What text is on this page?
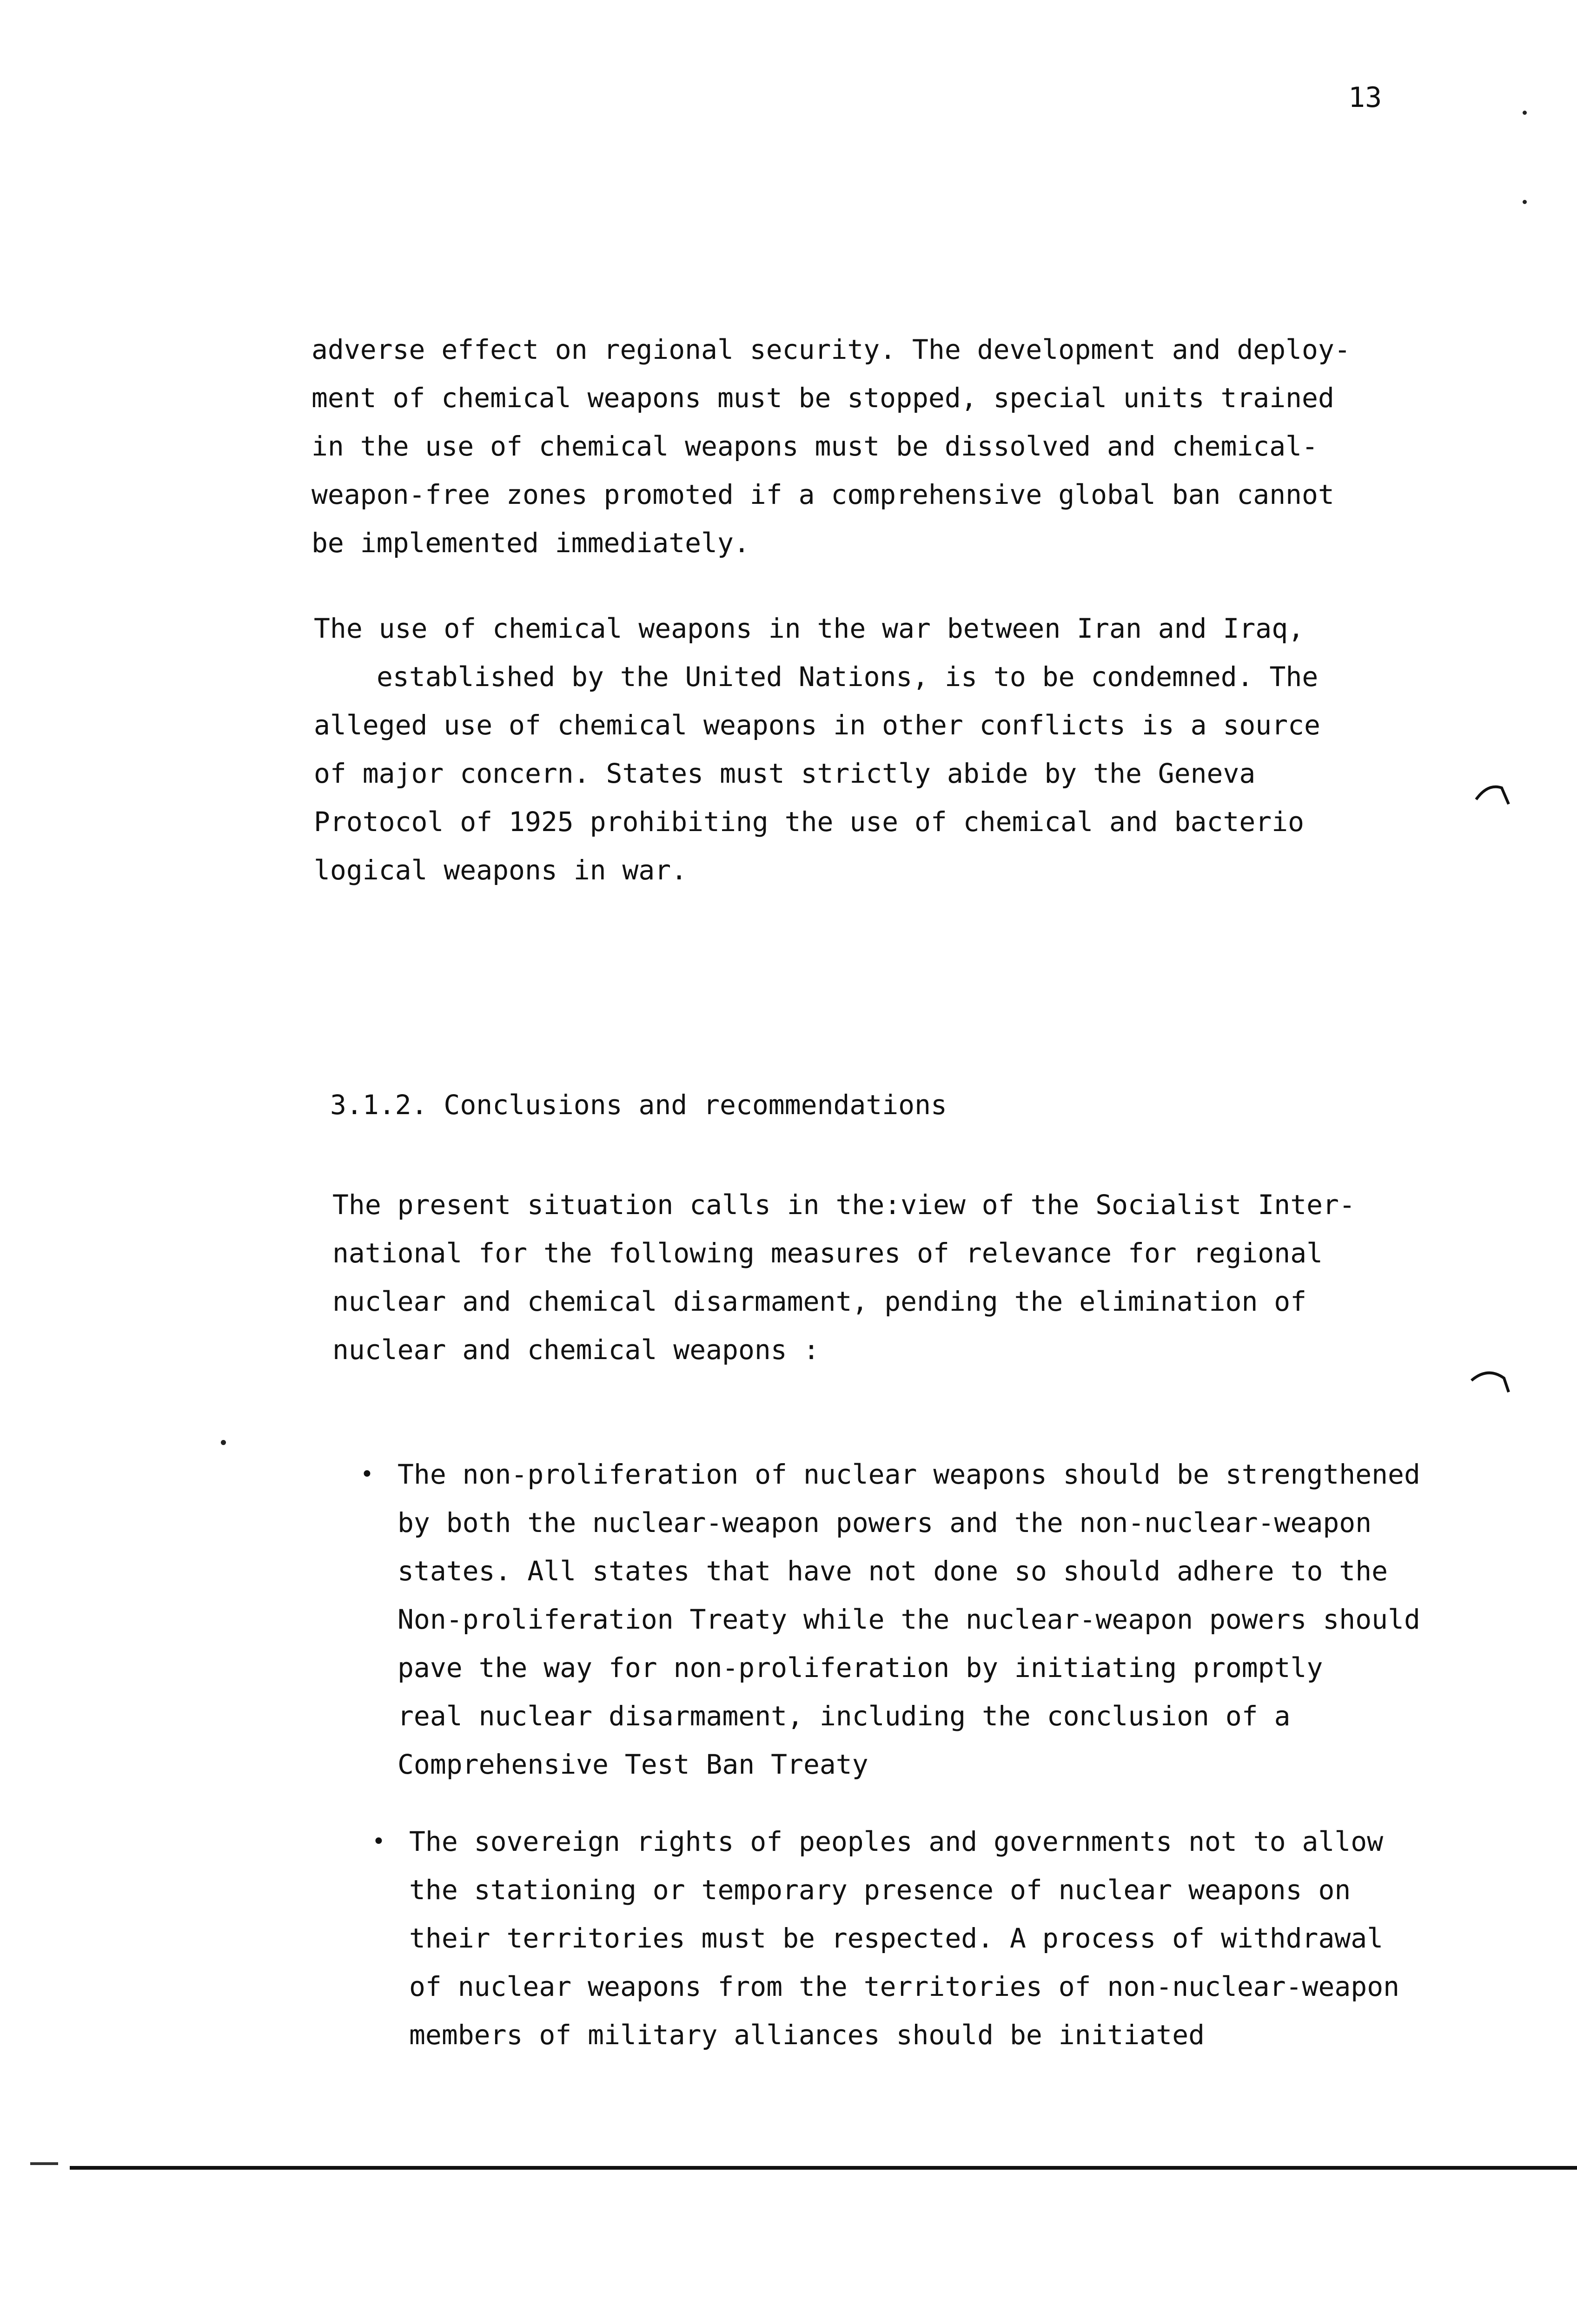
13
adverse effect on regional security. The development and deploy-
ment of chemical weapons must be stopped, special units trained
in the use of chemical weapons must be dissolved and chemical-
weapon-free zones promoted if a comprehensive global ban cannot
be implemented immediately.
The use of chemical weapons in the war between Iran and Iraq,
established by the United Nations, is to be condemned. The
alleged use of chemical weapons in other conflicts is a source
of major concern. States must strictly abide by the Geneva
Protocol of 1925 prohibiting the use of chemical and bacterio
logical weapons in war.
3.1.2. Conclusions and recommendations
The present situation calls in the:view of the Socialist Inter-
national for the following measures of relevance for regional
nuclear and chemical disarmament, pending the elimination of
nuclear and chemical weapons :
• The non-proliferation of nuclear weapons should be strengthened
by both the nuclear-weapon powers and the non-nuclear-weapon
states. All states that have not done so should adhere to the
Non-proliferation Treaty while the nuclear-weapon powers should
pave the way for non-proliferation by initiating promptly
real nuclear disarmament, including the conclusion of a
Comprehensive Test Ban Treaty
• The sovereign rights of peoples and governments not to allow
the stationing or temporary presence of nuclear weapons on
their territories must be respected. A process of withdrawal
of nuclear weapons from the territories of non-nuclear-weapon
members of military alliances should be initiated
